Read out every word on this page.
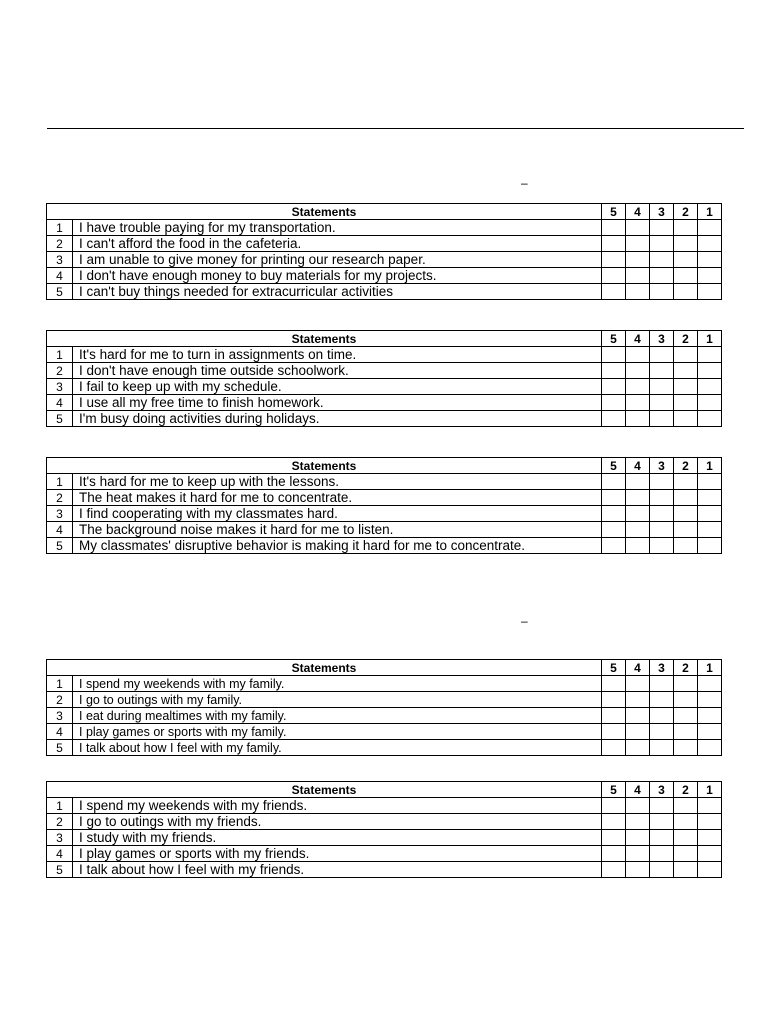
–
–
Statements		5	4	3	2	1
1	I have trouble paying for my transportation.					
2	I can't afford the food in the cafeteria.					
3	I am unable to give money for printing our research paper.					
4	I don't have enough money to buy materials for my projects.					
5	I can't buy things needed for extracurricular activities					
Statements		5	4	3	2	1
1	It's hard for me to turn in assignments on time.					
2	I don't have enough time outside schoolwork.					
3	I fail to keep up with my schedule.					
4	I use all my free time to finish homework.					
5	I'm busy doing activities during holidays.					
Statements		5	4	3	2	1
1	It's hard for me to keep up with the lessons.					
2	The heat makes it hard for me to concentrate.					
3	I find cooperating with my classmates hard.					
4	The background noise makes it hard for me to listen.					
5	My classmates' disruptive behavior is making it hard for me to concentrate.					
Statements		5	4	3	2	1
1	I spend my weekends with my family.					
2	I go to outings with my family.					
3	I eat during mealtimes with my family.					
4	I play games or sports with my family.					
5	I talk about how I feel with my family.					
Statements		5	4	3	2	1
1	I spend my weekends with my friends.					
2	I go to outings with my friends.					
3	I study with my friends.					
4	I play games or sports with my friends.					
5	I talk about how I feel with my friends.					
